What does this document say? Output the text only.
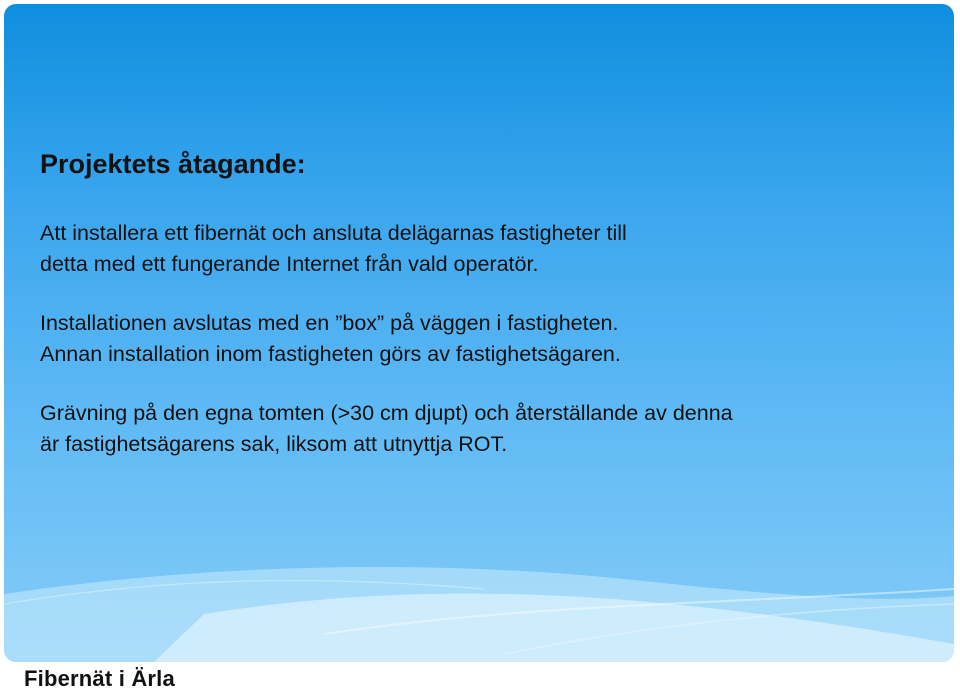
Projektets åtagande:

Att installera ett fibernät och ansluta delägarnas fastigheter till
detta med ett fungerande Internet från vald operatör.

Installationen avslutas med en ”box” på väggen i fastigheten.
Annan installation inom fastigheten görs av fastighetsägaren.

Grävning på den egna tomten (>30 cm djupt) och återställande av denna
är fastighetsägarens sak, liksom att utnyttja ROT.

Fibernät i Ärla
